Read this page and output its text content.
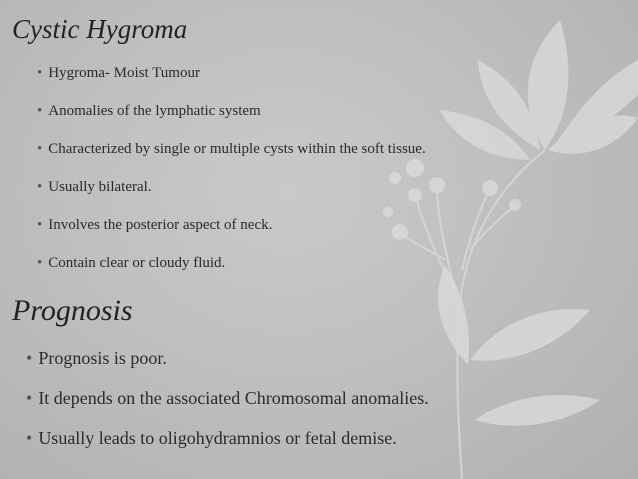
Cystic Hygroma
• Hygroma- Moist Tumour
• Anomalies of the lymphatic system
• Characterized by single or multiple cysts within the soft tissue.
• Usually bilateral.
• Involves the posterior aspect of neck.
• Contain clear or cloudy fluid.
Prognosis
• Prognosis is poor.
• It depends on the associated Chromosomal anomalies.
• Usually leads to oligohydramnios or fetal demise.
